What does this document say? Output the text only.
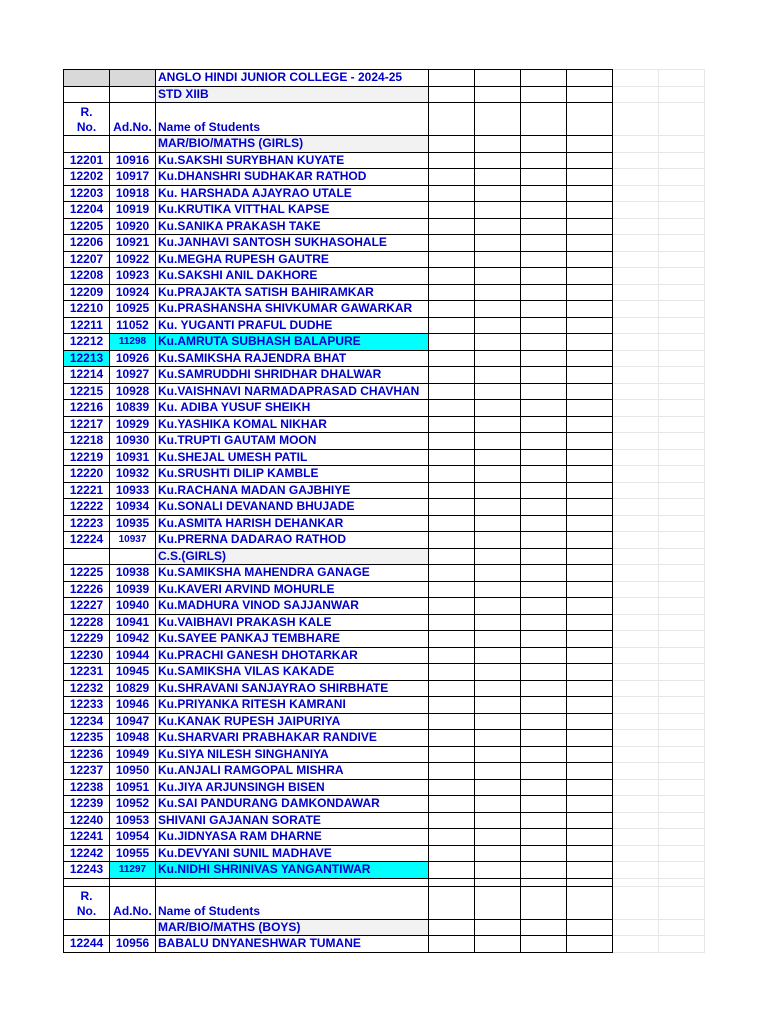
		ANGLO HINDI JUNIOR COLLEGE - 2024-25						
		STD XIIB						

R.
No.	Ad.No.	Name of Students						
		MAR/BIO/MATHS (GIRLS)						
12201	10916	Ku.SAKSHI SURYBHAN KUYATE						
12202	10917	Ku.DHANSHRI SUDHAKAR RATHOD						
12203	10918	Ku. HARSHADA AJAYRAO UTALE						
12204	10919	Ku.KRUTIKA VITTHAL KAPSE						
12205	10920	Ku.SANIKA PRAKASH TAKE						
12206	10921	Ku.JANHAVI SANTOSH SUKHASOHALE						
12207	10922	Ku.MEGHA RUPESH GAUTRE						
12208	10923	Ku.SAKSHI ANIL DAKHORE						
12209	10924	Ku.PRAJAKTA SATISH BAHIRAMKAR						
12210	10925	Ku.PRASHANSHA SHIVKUMAR GAWARKAR						
12211	11052	Ku. YUGANTI PRAFUL DUDHE						
12212	11298	Ku.AMRUTA SUBHASH BALAPURE						
12213	10926	Ku.SAMIKSHA RAJENDRA BHAT						
12214	10927	Ku.SAMRUDDHI SHRIDHAR DHALWAR						
12215	10928	Ku.VAISHNAVI NARMADAPRASAD CHAVHAN						
12216	10839	Ku. ADIBA YUSUF SHEIKH						
12217	10929	Ku.YASHIKA KOMAL NIKHAR						
12218	10930	Ku.TRUPTI GAUTAM MOON						
12219	10931	Ku.SHEJAL UMESH PATIL						
12220	10932	Ku.SRUSHTI DILIP KAMBLE						
12221	10933	Ku.RACHANA MADAN GAJBHIYE						
12222	10934	Ku.SONALI DEVANAND BHUJADE						
12223	10935	Ku.ASMITA HARISH DEHANKAR						
12224	10937	Ku.PRERNA DADARAO RATHOD						
		C.S.(GIRLS)						
12225	10938	Ku.SAMIKSHA MAHENDRA GANAGE						
12226	10939	Ku.KAVERI ARVIND MOHURLE						
12227	10940	Ku.MADHURA VINOD SAJJANWAR						
12228	10941	Ku.VAIBHAVI PRAKASH KALE						
12229	10942	Ku.SAYEE PANKAJ TEMBHARE						
12230	10944	Ku.PRACHI GANESH DHOTARKAR						
12231	10945	Ku.SAMIKSHA VILAS KAKADE						
12232	10829	Ku.SHRAVANI SANJAYRAO SHIRBHATE						
12233	10946	Ku.PRIYANKA RITESH KAMRANI						
12234	10947	Ku.KANAK RUPESH JAIPURIYA						
12235	10948	Ku.SHARVARI PRABHAKAR RANDIVE						
12236	10949	Ku.SIYA NILESH SINGHANIYA						
12237	10950	Ku.ANJALI RAMGOPAL MISHRA						
12238	10951	Ku.JIYA ARJUNSINGH BISEN						
12239	10952	Ku.SAI PANDURANG DAMKONDAWAR						
12240	10953	SHIVANI GAJANAN SORATE						
12241	10954	Ku.JIDNYASA RAM DHARNE						
12242	10955	Ku.DEVYANI SUNIL MADHAVE						
12243	11297	Ku.NIDHI SHRINIVAS YANGANTIWAR						

R.
No.	Ad.No.	Name of Students						
		MAR/BIO/MATHS (BOYS)						
12244	10956	BABALU DNYANESHWAR TUMANE						
